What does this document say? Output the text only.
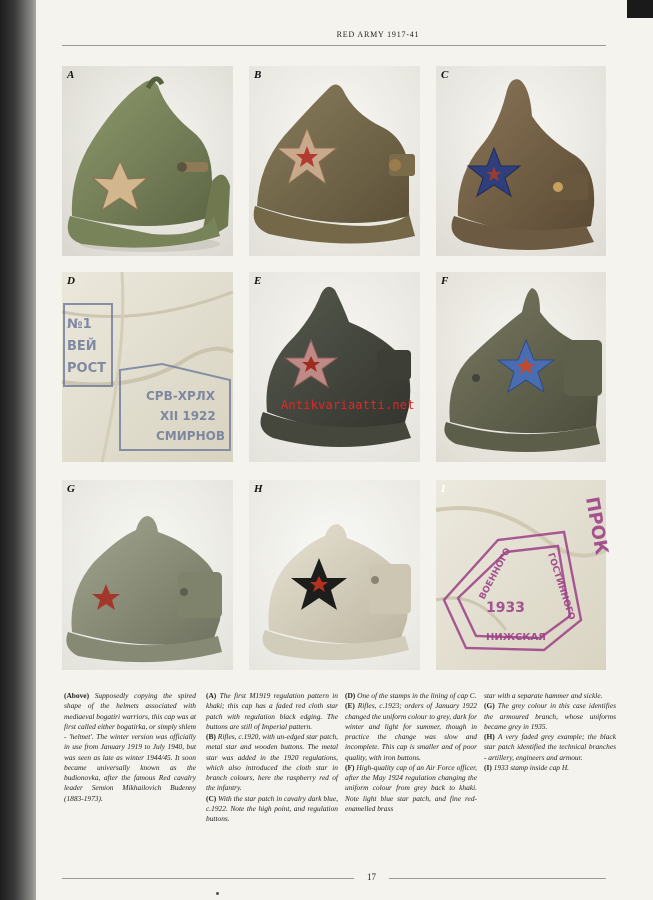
RED ARMY 1917-41
A	B	C
№1
ВЕЙ
РОСТ
СРВ-ХРЛХ
ХII 1922
СМИРНОВ
D	E	F
G	H
ВОЕННОГО	ГОСТИННОГО
1933
НИЖСКАЯ
ПРОК
I
Antikvariaatti.net

(Above) Supposedly copying the spired shape of the helmets associated with mediaeval bogatiri warriors, this cap was at first called either bogatirka, or simply shlem - 'helmet'. The winter version was officially in use from January 1919 to July 1940, but was seen as late as winter 1944/45. It soon became universally known as the budionovka, after the famous Red cavalry leader Semion Mikhailovich Budenny (1883-1973).

(A) The first M1919 regulation pattern in khaki; this cap has a faded red cloth star patch with regulation black edging. The buttons are still of Imperial pattern.

(B) Rifles, c.1920, with un-edged star patch, metal star and wooden buttons. The metal star was added in the 1920 regulations, which also introduced the cloth star in branch colours, here the raspberry red of the infantry.

(C) With the star patch in cavalry dark blue, c.1922. Note the high point, and regulation buttons.

(D) One of the stamps in the lining of cap C.

(E) Rifles, c.1923; orders of January 1922 changed the uniform colour to grey, dark for winter and light for summer, though in practice the change was slow and incomplete. This cap is smaller and of poor quality, with iron buttons.

(F) High-quality cap of an Air Force officer, after the May 1924 regulation changing the uniform colour from grey back to khaki. Note light blue star patch, and fine red-enamelled brass

star with a separate hammer and sickle.

(G) The grey colour in this case identifies the armoured branch, whose uniforms became grey in 1935.

(H) A very faded grey example; the black star patch identified the technical branches - artillery, engineers and armour.

(I) 1933 stamp inside cap H.

17
